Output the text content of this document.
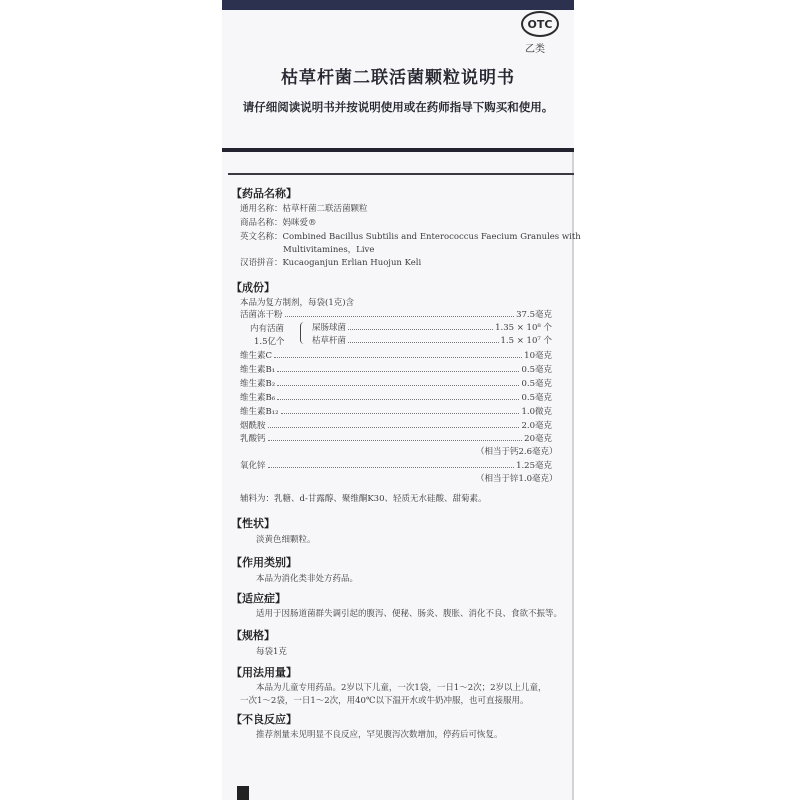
OTC
乙类
枯草杆菌二联活菌颗粒说明书
请仔细阅读说明书并按说明使用或在药师指导下购买和使用。
【药品名称】
通用名称：枯草杆菌二联活菌颗粒
商品名称：妈咪爱®
英文名称：Combined Bacillus Subtilis and Enterococcus Faecium Granules with
Multivitamines，Live
汉语拼音：Kucaoganjun Erlian Huojun Keli
【成份】
本品为复方制剂，每袋(1克)含
活菌冻干粉	37.5毫克
内有活菌
1.5亿个
屎肠球菌	1.35 × 10⁸ 个
枯草杆菌	1.5 × 10⁷ 个
维生素C	10毫克
维生素B₁	0.5毫克
维生素B₂	0.5毫克
维生素B₆	0.5毫克
维生素B₁₂	1.0微克
烟酰胺	2.0毫克
乳酸钙	20毫克
（相当于钙2.6毫克）
氧化锌	1.25毫克
（相当于锌1.0毫克）
辅料为：乳糖、d-甘露醇、聚维酮K30、轻质无水硅酸、甜菊素。
【性状】
淡黄色细颗粒。
【作用类别】
本品为消化类非处方药品。
【适应症】
适用于因肠道菌群失调引起的腹泻、便秘、肠炎、腹胀、消化不良、食欲不振等。
【规格】
每袋1克
【用法用量】
本品为儿童专用药品。2岁以下儿童，一次1袋，一日1～2次；2岁以上儿童，
一次1～2袋，一日1～2次，用40℃以下温开水或牛奶冲服，也可直接服用。
【不良反应】
推荐剂量未见明显不良反应，罕见腹泻次数增加，停药后可恢复。
